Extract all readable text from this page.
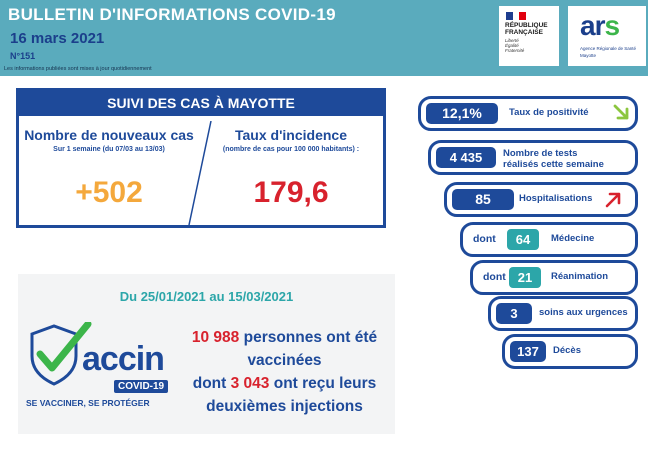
BULLETIN D'INFORMATIONS COVID-19
16 mars 2021
N°151
Les informations publiées sont mises à jour quotidiennement
RÉPUBLIQUE
FRANÇAISE
Liberté
Égalité
Fraternité
ars
Agence Régionale de Santé
Mayotte
SUIVI DES CAS À MAYOTTE
Nombre de nouveaux cas
Sur 1 semaine (du 07/03 au 13/03)
+502
Taux d'incidence
(nombre de cas pour 100 000 habitants) :
179,6
Du 25/01/2021 au 15/03/2021
accin
COVID-19
SE VACCINER, SE PROTÉGER
10 988 personnes ont été vaccinées
dont 3 043 ont reçu leurs deuxièmes injections
12,1%	Taux de positivité
4 435	Nombre de tests
réalisés cette semaine
85	Hospitalisations
dont	64	Médecine
dont 21	Réanimation
3	soins aux urgences
137	Décès
